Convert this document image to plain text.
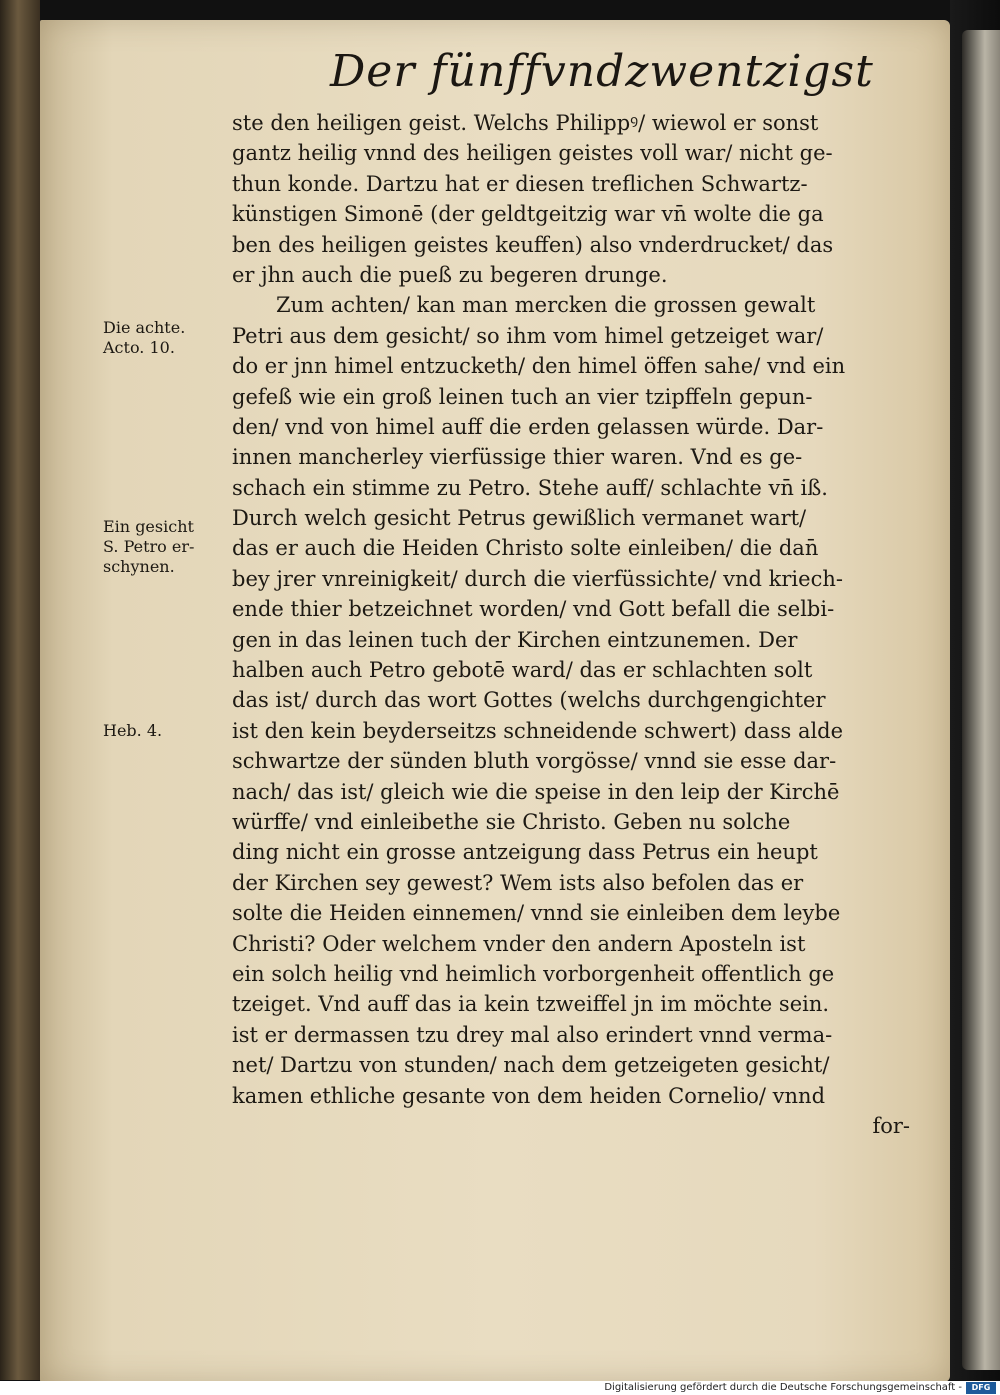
Der fünffvndzwentzigst
ste den heiligen geist. Welchs Philippꝰ/ wiewol er sonst
gantz heilig vnnd des heiligen geistes voll war/ nicht ge-
thun konde. Dartzu hat er diesen treflichen Schwartz-
künstigen Simonē (der geldtgeitzig war vn̄ wolte die ga
ben des heiligen geistes keuffen) also vnderdrucket/ das
er jhn auch die pueß zu begeren drunge.
Zum achten/ kan man mercken die grossen gewalt
Petri aus dem gesicht/ so ihm vom himel getzeiget war/
do er jnn himel entzucketh/ den himel öffen sahe/ vnd ein
gefeß wie ein groß leinen tuch an vier tzipffeln gepun-
den/ vnd von himel auff die erden gelassen würde. Dar-
innen mancherley vierfüssige thier waren. Vnd es ge-
schach ein stimme zu Petro. Stehe auff/ schlachte vn̄ iß.
Durch welch gesicht Petrus gewißlich vermanet wart/
das er auch die Heiden Christo solte einleiben/ die dan̄
bey jrer vnreinigkeit/ durch die vierfüssichte/ vnd kriech-
ende thier betzeichnet worden/ vnd Gott befall die selbi-
gen in das leinen tuch der Kirchen eintzunemen. Der
halben auch Petro gebotē ward/ das er schlachten solt
das ist/ durch das wort Gottes (welchs durchgengichter
ist den kein beyderseitzs schneidende schwert) dass alde
schwartze der sünden bluth vorgösse/ vnnd sie esse dar-
nach/ das ist/ gleich wie die speise in den leip der Kirchē
würffe/ vnd einleibethe sie Christo. Geben nu solche
ding nicht ein grosse antzeigung dass Petrus ein heupt
der Kirchen sey gewest? Wem ists also befolen das er
solte die Heiden einnemen/ vnnd sie einleiben dem leybe
Christi? Oder welchem vnder den andern Aposteln ist
ein solch heilig vnd heimlich vorborgenheit offentlich ge
tzeiget. Vnd auff das ia kein tzweiffel jn im möchte sein.
ist er dermassen tzu drey mal also erindert vnnd verma-
net/ Dartzu von stunden/ nach dem getzeigeten gesicht/
kamen ethliche gesante von dem heiden Cornelio/ vnnd
for-
Die achte.
Acto. 10.
Ein gesicht
S. Petro er-
schynen.
Heb. 4.
Digitalisierung gefördert durch die Deutsche Forschungsgemeinschaft -	DFG
